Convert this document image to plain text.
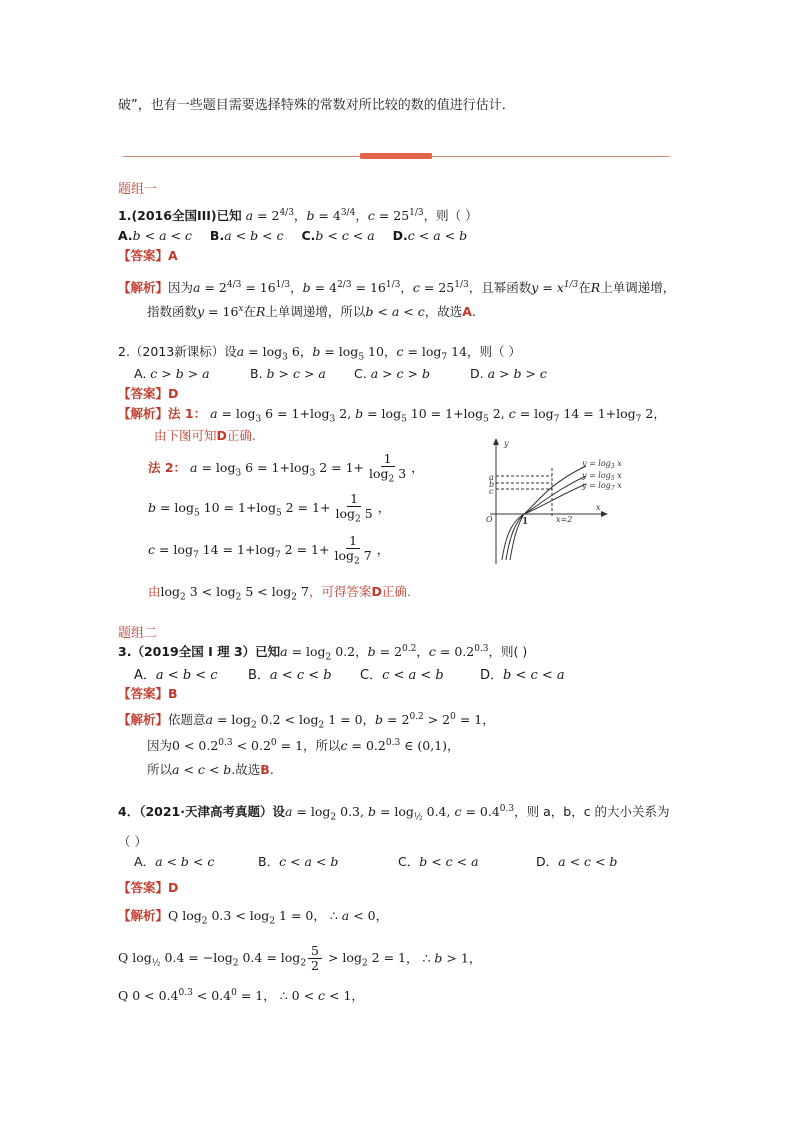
破”，也有一些题目需要选择特殊的常数对所比较的数的值进行估计．
题组一
1.(2016全国III)已知 $a = 2^{4/3}$，$b = 4^{3/4}$，$c = 25^{1/3}$，则（ ）
A.b < a < c B.a < b < c C.b < c < a D.c < a < b
【答案】A
【解析】因为$a = 2^{4/3} = 16^{1/3}$，$b = 4^{2/3} = 16^{1/3}$，$c = 25^{1/3}$，且幂函数$y = x^{1/3}$在R上单调递增，
指数函数$y = 16^x$在R上单调递增，所以b < a < c，故选A.
2.（2013新课标）设$a = \log_3 6$，$b = \log_5 10$，$c = \log_7 14$，则（ ）
A. c > b > a	B. b > c > a C. a > c > b	D. a > b > c
【答案】D
【解析】法 1： $a = \log_3 6 = 1+\log_3$ 2, $b = \log_5 10 = 1+\log_5$ 2, $c = \log_7 14 = 1+\log_7$ 2，
由下图可知D正确.
法 2： $a = \log_3 6 = 1+\log_3$ $2 = 1+ \frac{1}{\log_2 3}$ ，
$b = \log_5 10 = 1+\log_5$ $2 = 1+ \frac{1}{\log_2 5}$ ，
$c = \log_7 14 = 1+\log_7$ $2 = 1+ \frac{1}{\log_2 7}$ ，
由$\log_2 3 < \log_2 5 < \log_2 7$，可得答案D正确.
y
x
O
a
b
c
x=2
$y = \log_3 x$
$y = \log_5 x$
$y = \log_7 x$
1
题组二
3.（2019全国 I 理 3）已知$a = \log_2 0.2$，$b = 2^{0.2}$，$c = 0.2^{0.3}$，则( )
A．a < b < c B．a < c < b C．c < a < b	D．b < c < a
【答案】B
【解析】依题意$a = \log_2 0.2 < \log_2 1 = 0$，$b = 2^{0.2} > 2^0 = 1$，
因为$0 < 0.2^{0.3} < 0.2^0 = 1$，所以$c = 0.2^{0.3}$ ∈ (0,1)，
所以a < c < b.故选B.
4．（2021·天津高考真题）设$a = \log_2 0.3$, $b = \log_{\frac{1}{2}} 0.4$, $c = 0.4^{0.3}$，则 a，b，c 的大小关系为
（ ）
A．a < b < c	B．c < a < b	C．b < c < a	D．a < c < b
【答案】D
【解析】Q $\log_2 0.3 < \log_2 1 = 0$， ∴ a < 0，
Q $\log_{\frac{1}{2}} 0.4 = -\log_2$ $0.4 = \log_2 \frac{5}{2} > \log_2 2 = 1$， ∴ b > 1，
Q $0 < 0.4^{0.3} < 0.4^0 = 1$， ∴ 0 < c < 1，
